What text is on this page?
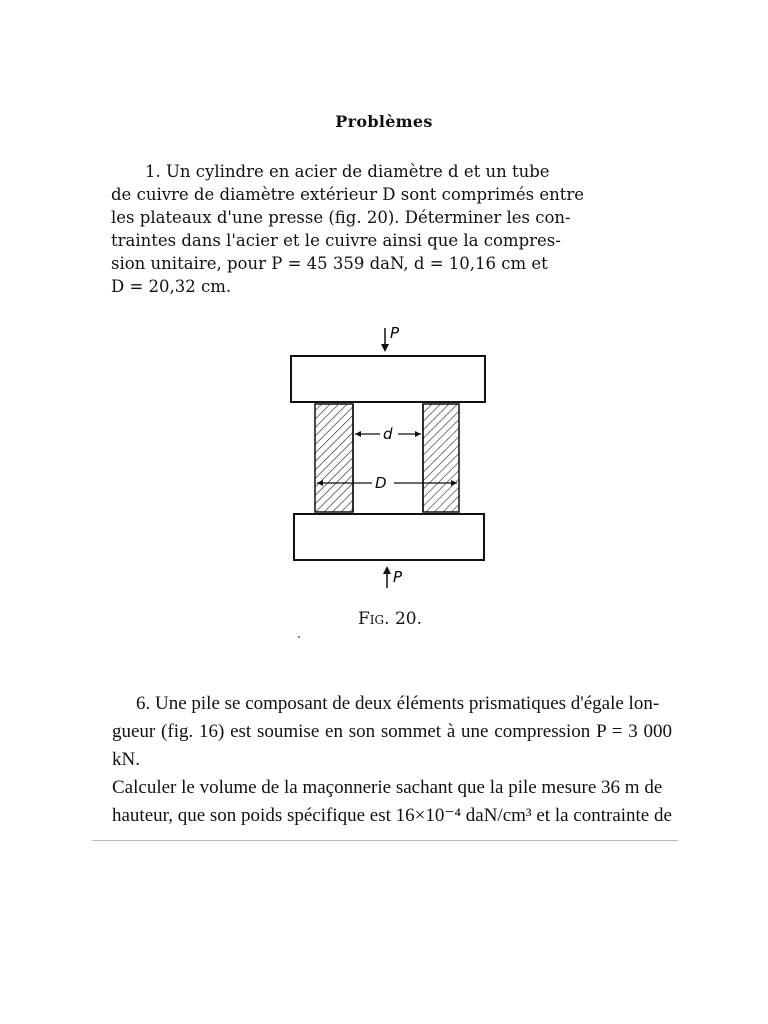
Problèmes
1. Un cylindre en acier de diamètre d et un tube
de cuivre de diamètre extérieur D sont comprimés entre
les plateaux d'une presse (fig. 20). Déterminer les con-
traintes dans l'acier et le cuivre ainsi que la compres-
sion unitaire, pour P = 45 359 daN, d = 10,16 cm et
D = 20,32 cm.
P
d
D
P
Fig. 20.
6. Une pile se composant de deux éléments prismatiques d'égale lon-
gueur (fig. 16) est soumise en son sommet à une compression P = 3 000 kN.
Calculer le volume de la maçonnerie sachant que la pile mesure 36 m de
hauteur, que son poids spécifique est 16×10⁻⁴ daN/cm³ et la contrainte de
